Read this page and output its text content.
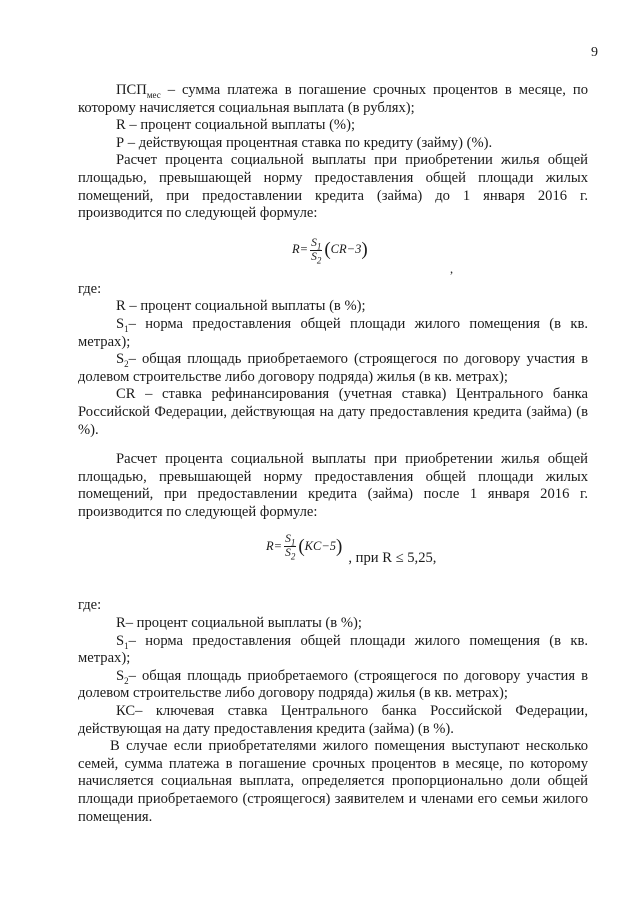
9

$ПСП_{мес}$ – сумма платежа в погашение срочных процентов в месяце, по которому начисляется социальная выплата (в рублях);

R – процент социальной выплаты (%);

Р – действующая процентная ставка по кредиту (займу) (%).

Расчет процента социальной выплаты при приобретении жилья общей площадью, превышающей норму предоставления общей площади жилых помещений, при предоставлении кредита (займа) до 1 января 2016 г. производится по следующей формуле:

$R= \frac{S_1}{S_2}$ ( CR−3 )
,

где:

R – процент социальной выплаты (в %);

$S_1-$ норма предоставления общей площади жилого помещения (в кв. метрах);

$S_2-$ общая площадь приобретаемого (строящегося по договору участия в долевом строительстве либо договору подряда) жилья (в кв. метрах);

CR – ставка рефинансирования (учетная ставка) Центрального банка Российской Федерации, действующая на дату предоставления кредита (займа) (в %).

Расчет процента социальной выплаты при приобретении жилья общей площадью, превышающей норму предоставления общей площади жилых помещений, при предоставлении кредита (займа) после 1 января 2016 г. производится по следующей формуле:

$R= \frac{S_1}{S_2}$ ( KC−5 )
, при R ≤ 5,25,

где:

R– процент социальной выплаты (в %);

$S_1-$ норма предоставления общей площади жилого помещения (в кв. метрах);

$S_2-$ общая площадь приобретаемого (строящегося по договору участия в долевом строительстве либо договору подряда) жилья (в кв. метрах);

КС– ключевая ставка Центрального банка Российской Федерации, действующая на дату предоставления кредита (займа) (в %).

В случае если приобретателями жилого помещения выступают несколько семей, сумма платежа в погашение срочных процентов в месяце, по которому начисляется социальная выплата, определяется пропорционально доли общей площади приобретаемого (строящегося) заявителем и членами его семьи жилого помещения.
